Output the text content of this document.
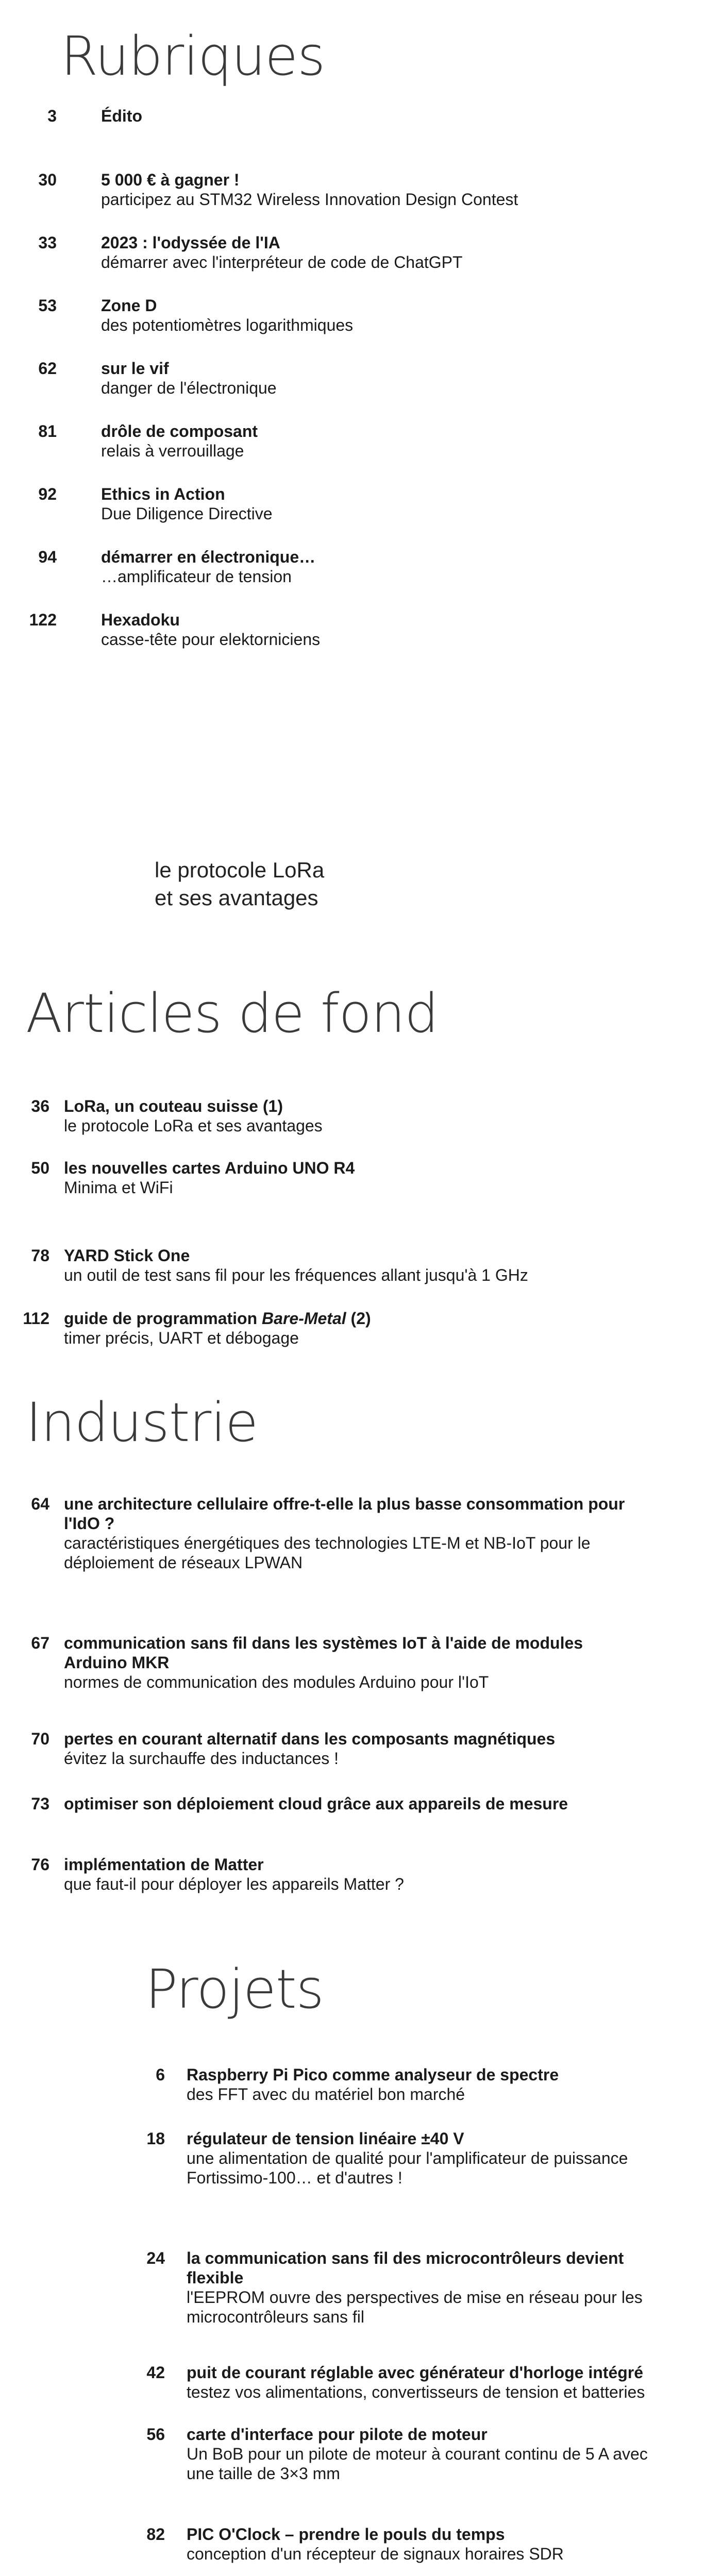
Rubriques
3	Édito
30	5 000 € à gagner !
participez au STM32 Wireless Innovation Design Contest
33	2023 : l'odyssée de l'IA
démarrer avec l'interpréteur de code de ChatGPT
53	Zone D
des potentiomètres logarithmiques
62	sur le vif
danger de l'électronique
81	drôle de composant
relais à verrouillage
92	Ethics in Action
Due Diligence Directive
94	démarrer en électronique…
…amplificateur de tension
122	Hexadoku
casse-tête pour elektorniciens
le protocole LoRa
et ses avantages
Articles de fond
36 LoRa, un couteau suisse (1)
le protocole LoRa et ses avantages
50 les nouvelles cartes Arduino UNO R4
Minima et WiFi
78 YARD Stick One
un outil de test sans fil pour les fréquences allant jusqu'à 1 GHz
112 guide de programmation Bare-Metal (2)
timer précis, UART et débogage
Industrie
64 une architecture cellulaire offre-t-elle la plus basse consommation pour l'IdO ?
caractéristiques énergétiques des technologies LTE-M et NB-IoT pour le déploiement de réseaux LPWAN
67 communication sans fil dans les systèmes IoT à l'aide de modules Arduino MKR
normes de communication des modules Arduino pour l'IoT
70 pertes en courant alternatif dans les composants magnétiques
évitez la surchauffe des inductances !
73 optimiser son déploiement cloud grâce aux appareils de mesure
76 implémentation de Matter
que faut-il pour déployer les appareils Matter ?
Projets
6 Raspberry Pi Pico comme analyseur de spectre
des FFT avec du matériel bon marché
18 régulateur de tension linéaire ±40 V
une alimentation de qualité pour l'amplificateur de puissance Fortissimo-100… et d'autres !
24 la communication sans fil des microcontrôleurs devient flexible
l'EEPROM ouvre des perspectives de mise en réseau pour les microcontrôleurs sans fil
42 puit de courant réglable avec générateur d'horloge intégré
testez vos alimentations, convertisseurs de tension et batteries
56 carte d'interface pour pilote de moteur
Un BoB pour un pilote de moteur à courant continu de 5 A avec une taille de 3×3 mm
82 PIC O'Clock – prendre le pouls du temps
conception d'un récepteur de signaux horaires SDR
